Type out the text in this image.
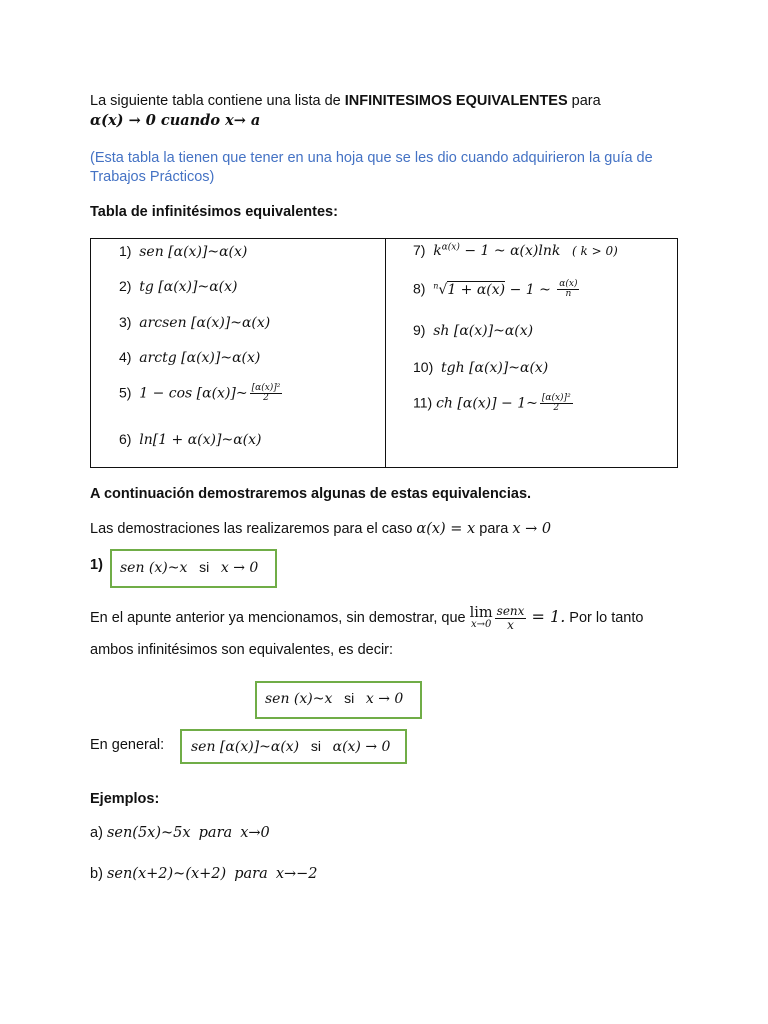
La siguiente tabla contiene una lista de INFINITESIMOS EQUIVALENTES para
α(x) → 0 cuando x→ a
(Esta tabla la tienen que tener en una hoja que se les dio cuando adquirieron la guía de
Trabajos Prácticos)
Tabla de infinitésimos equivalentes:
1) sen [α(x)]~α(x)
2) tg [α(x)]~α(x)
3) arcsen [α(x)]~α(x)
4) arctg [α(x)]~α(x)
5) 1 − cos [α(x)]~ $\frac{\text{[α(x)]²}}{2}$
6) ln[1 + α(x)]~α(x)
7) $k^{\alpha(x)} - 1$ ~ α(x)lnk ( k > 0)
8) $^n$√1 + α(x) − 1 ~ $\frac{\alpha(x)}{n}$
9) sh [α(x)]~α(x)
10) tgh [α(x)]~α(x)
11) ch [α(x)] − 1~ $\frac{\text{[α(x)]²}}{2}$
A continuación demostraremos algunas de estas equivalencias.
Las demostraciones las realizaremos para el caso α(x) = x para x → 0
1) sen (x)~x si x → 0
En el apunte anterior ya mencionamos, sin demostrar, que lim
$x\to 0 \frac{\text{senx}}{x} = 1$. Por lo tanto
ambos infinitésimos son equivalentes, es decir:
sen (x)~x si x → 0
En general: sen [α(x)]~α(x) si α(x) → 0
Ejemplos:
a) sen(5x)~5x para x→0
b) sen(x+2)~(x+2) para x→−2
